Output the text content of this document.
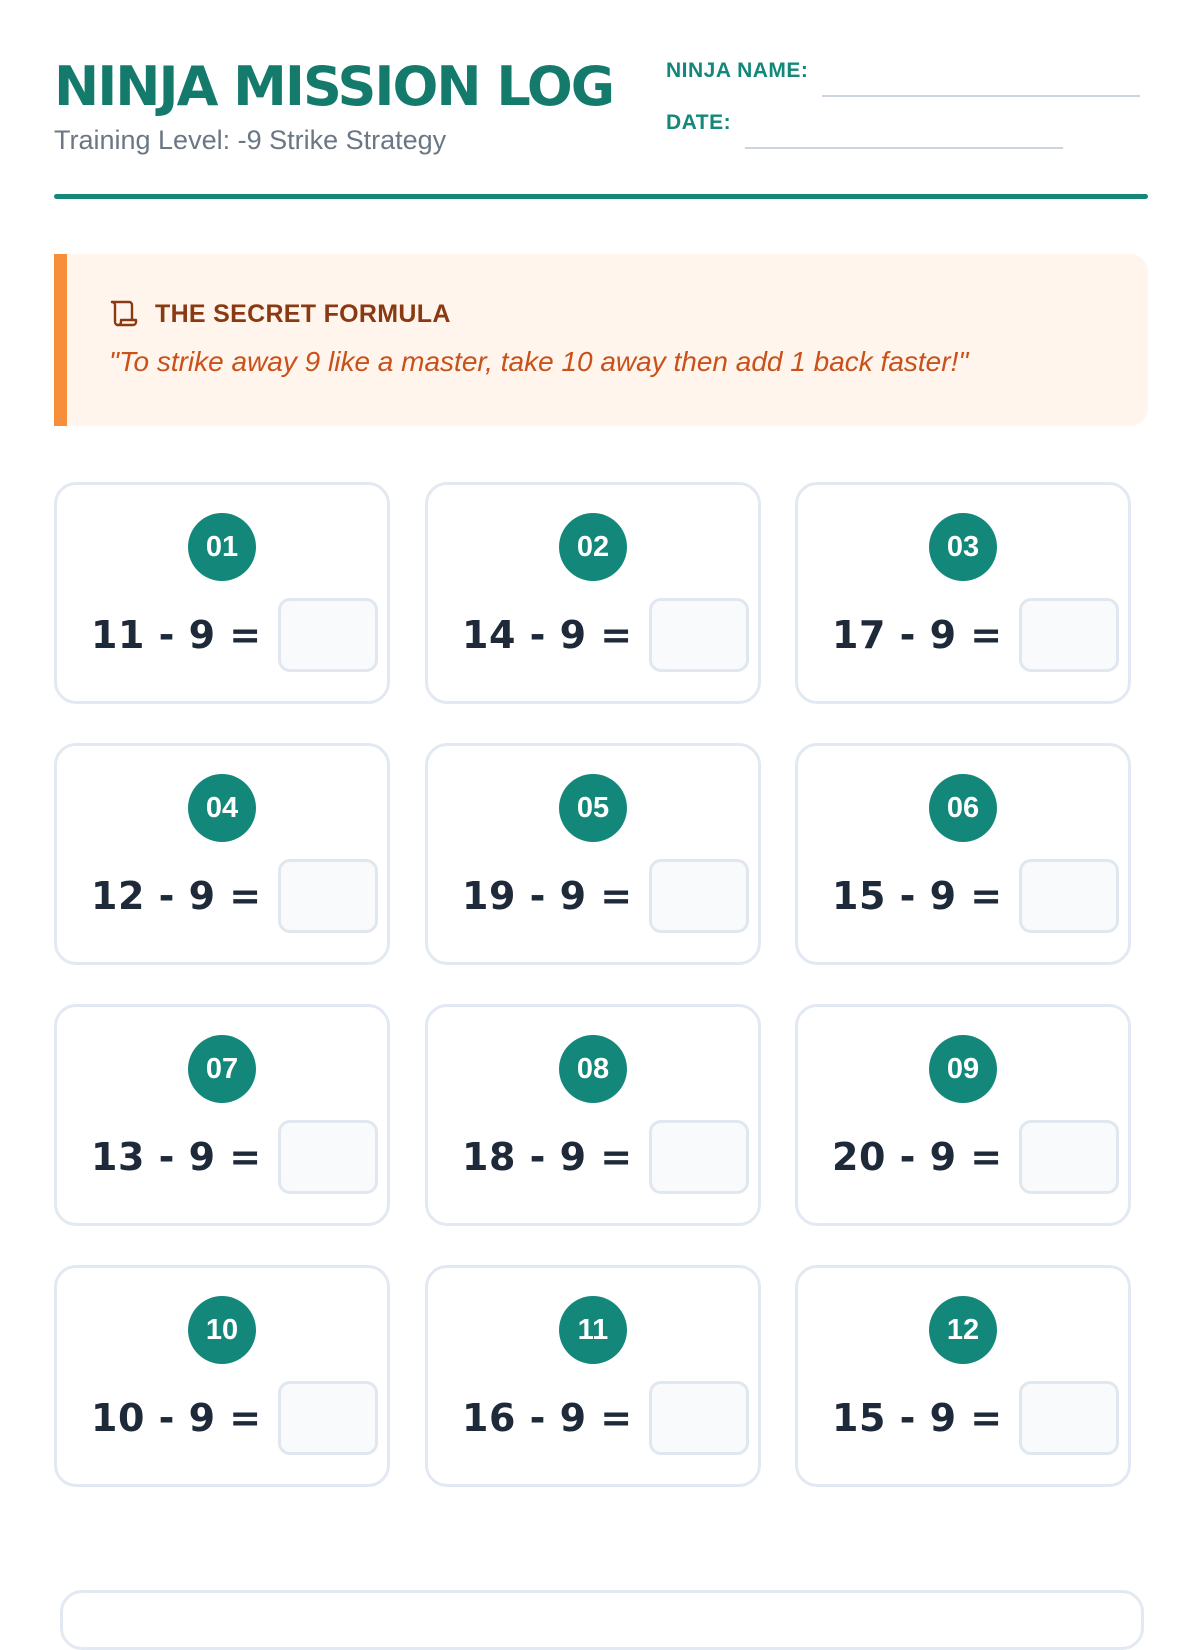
NINJA MISSION LOG

Training Level: -9 Strike Strategy

NINJA NAME:
DATE:
THE SECRET FORMULA

"To strike away 9 like a master, take 10 away then add 1 back faster!"

01
11 - 9 =
02
14 - 9 =
03
17 - 9 =
04
12 - 9 =
05
19 - 9 =
06
15 - 9 =
07
13 - 9 =
08
18 - 9 =
09
20 - 9 =
10
10 - 9 =
11
16 - 9 =
12
15 - 9 =
